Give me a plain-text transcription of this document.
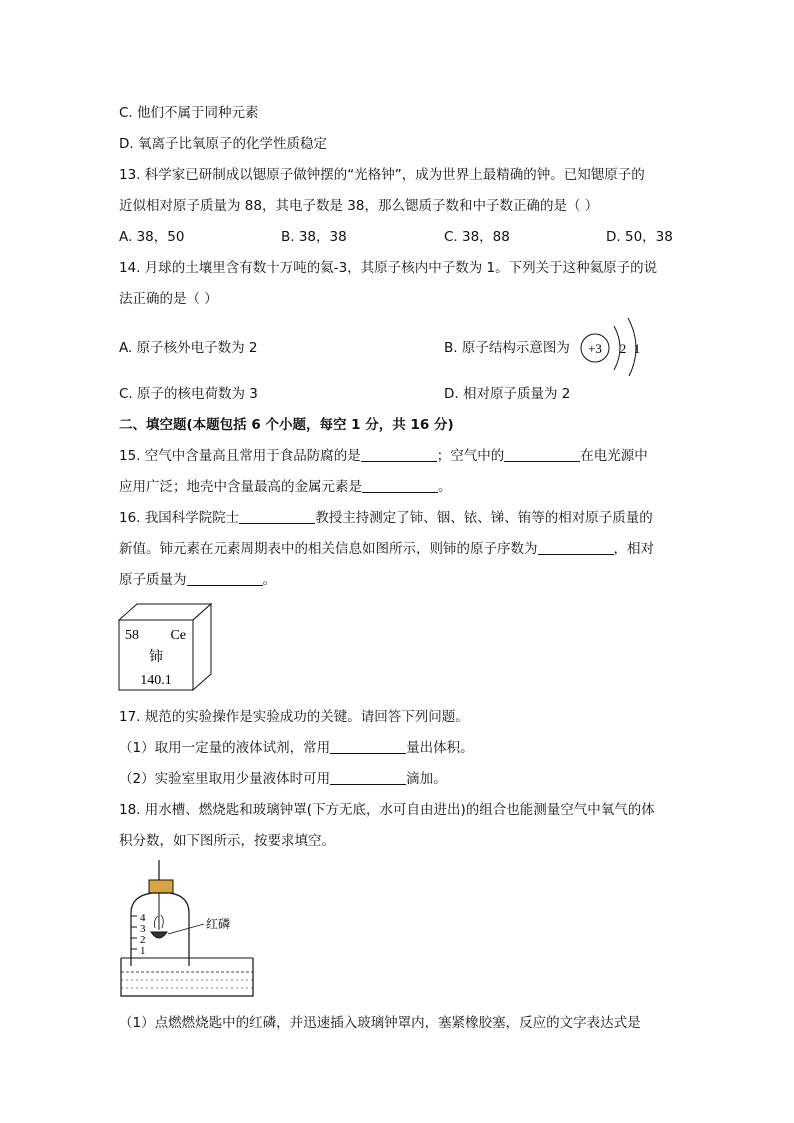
C. 他们不属于同种元素
D. 氧离子比氧原子的化学性质稳定
13. 科学家已研制成以锶原子做钟摆的“光格钟”，成为世界上最精确的钟。已知锶原子的
近似相对原子质量为 88，其电子数是 38，那么锶质子数和中子数正确的是（ ）
A. 38，50	B. 38，38	C. 38，88	D. 50，38
14. 月球的土壤里含有数十万吨的氦-3，其原子核内中子数为 1。下列关于这种氦原子的说
法正确的是（ ）
A. 原子核外电子数为 2	B. 原子结构示意图为 +3 2 1
C. 原子的核电荷数为 3	D. 相对原子质量为 2
二、填空题(本题包括 6 个小题，每空 1 分，共 16 分)
15. 空气中含量高且常用于食品防腐的是	；空气中的	在电光源中
应用广泛；地壳中含量最高的金属元素是	。
16. 我国科学院院士	教授主持测定了铈、铟、铱、锑、铕等的相对原子质量的
新值。铈元素在元素周期表中的相关信息如图所示，则铈的原子序数为	，相对
原子质量为	。
58 Ce
铈
140.1
17. 规范的实验操作是实验成功的关键。请回答下列问题。
（1）取用一定量的液体试剂，常用	量出体积。
（2）实验室里取用少量液体时可用	滴加。
18. 用水槽、燃烧匙和玻璃钟罩(下方无底，水可自由进出)的组合也能测量空气中氧气的体
积分数，如下图所示，按要求填空。
4
3
2
1
红磷
（1）点燃燃烧匙中的红磷，并迅速插入玻璃钟罩内，塞紧橡胶塞，反应的文字表达式是
